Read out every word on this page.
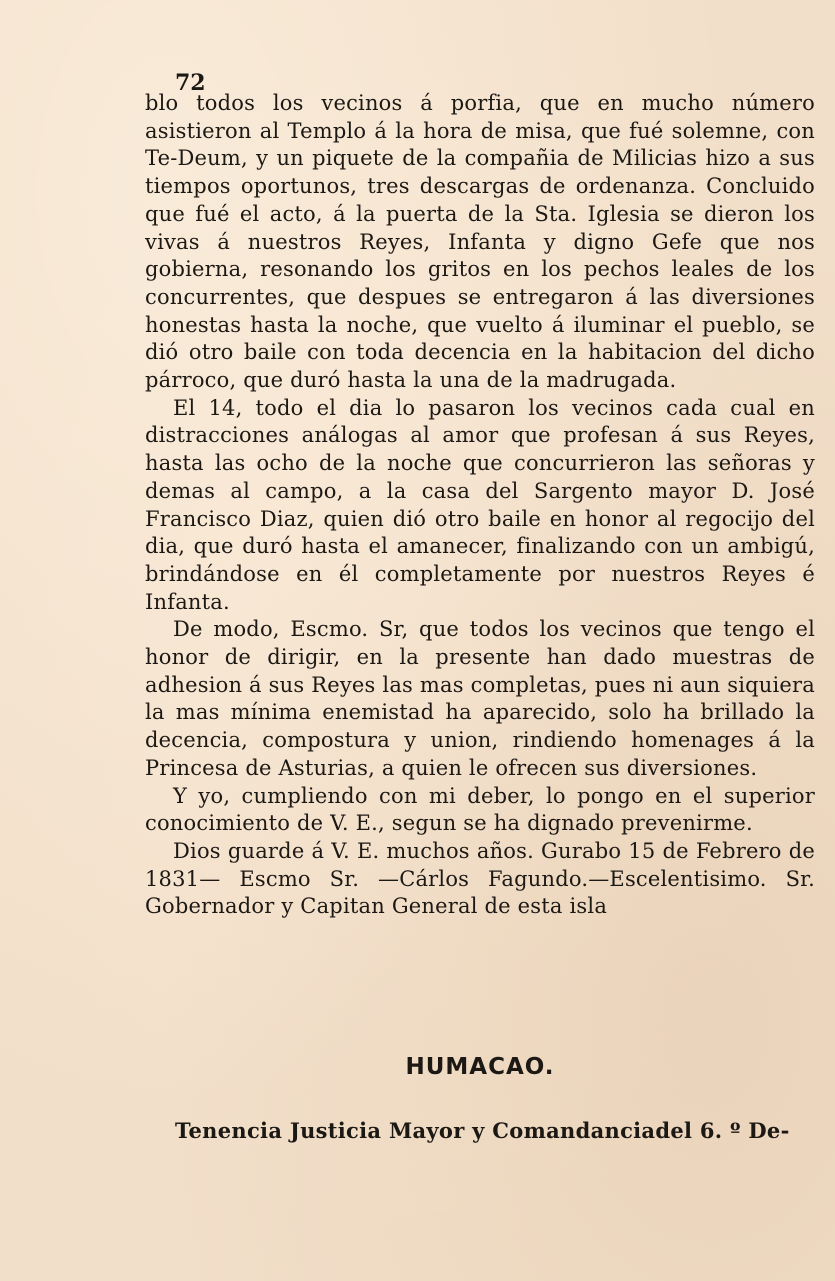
72

blo todos los vecinos á porfia, que en mucho número asistieron al Templo á la hora de misa, que fué solemne, con Te-Deum, y un piquete de la compañia de Milicias hizo a sus tiempos oportunos, tres descargas de ordenanza. Concluido que fué el acto, á la puerta de la Sta. Iglesia se dieron los vivas á nuestros Reyes, Infanta y digno Gefe que nos gobierna, resonando los gritos en los pechos leales de los concurrentes, que despues se entregaron á las diversiones honestas hasta la noche, que vuelto á iluminar el pueblo, se dió otro baile con toda decencia en la habitacion del dicho párroco, que duró hasta la una de la madrugada.

El 14, todo el dia lo pasaron los vecinos cada cual en distracciones análogas al amor que profesan á sus Reyes, hasta las ocho de la noche que concurrieron las señoras y demas al campo, a la casa del Sargento mayor D. José Francisco Diaz, quien dió otro baile en honor al regocijo del dia, que duró hasta el amanecer, finalizando con un ambigú, brindándose en él completamente por nuestros Reyes é Infanta.

De modo, Escmo. Sr, que todos los vecinos que tengo el honor de dirigir, en la presente han dado muestras de adhesion á sus Reyes las mas completas, pues ni aun siquiera la mas mínima enemistad ha aparecido, solo ha brillado la decencia, compostura y union, rindiendo homenages á la Princesa de Asturias, a quien le ofrecen sus diversiones.

Y yo, cumpliendo con mi deber, lo pongo en el superior conocimiento de V. E., segun se ha dignado prevenirme.

Dios guarde á V. E. muchos años. Gurabo 15 de Febrero de 1831— Escmo Sr. —Cárlos Fagundo.—Escelentisimo. Sr. Gobernador y Capitan General de esta isla

HUMACAO.
Tenencia Justicia Mayor y Comandanciadel 6. º De-
